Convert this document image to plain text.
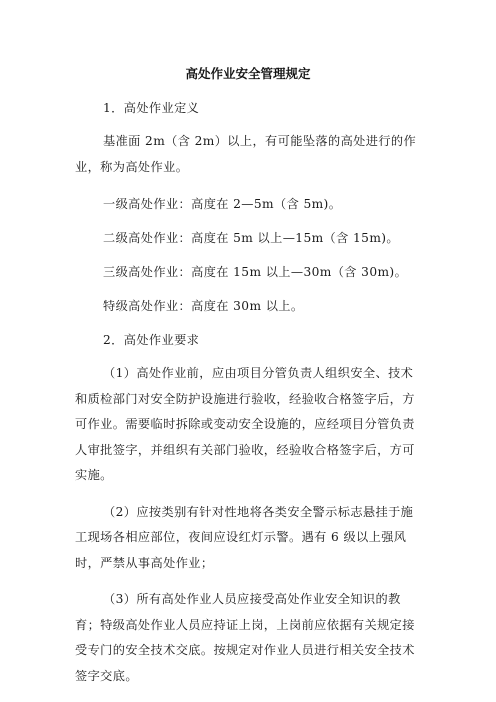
高处作业安全管理规定

1．高处作业定义

基准面 2m（含 2m）以上，有可能坠落的高处进行的作业，称为高处作业。

一级高处作业：高度在 2—5m（含 5m)。

二级高处作业：高度在 5m 以上—15m（含 15m)。

三级高处作业：高度在 15m 以上—30m（含 30m)。

特级高处作业：高度在 30m 以上。

2．高处作业要求

（1）高处作业前，应由项目分管负责人组织安全、技术和质检部门对安全防护设施进行验收，经验收合格签字后，方可作业。需要临时拆除或变动安全设施的，应经项目分管负责人审批签字，并组织有关部门验收，经验收合格签字后，方可实施。

（2）应按类别有针对性地将各类安全警示标志悬挂于施工现场各相应部位，夜间应设红灯示警。遇有 6 级以上强风时，严禁从事高处作业；

（3）所有高处作业人员应接受高处作业安全知识的教育；特级高处作业人员应持证上岗，上岗前应依据有关规定接受专门的安全技术交底。按规定对作业人员进行相关安全技术签字交底。
